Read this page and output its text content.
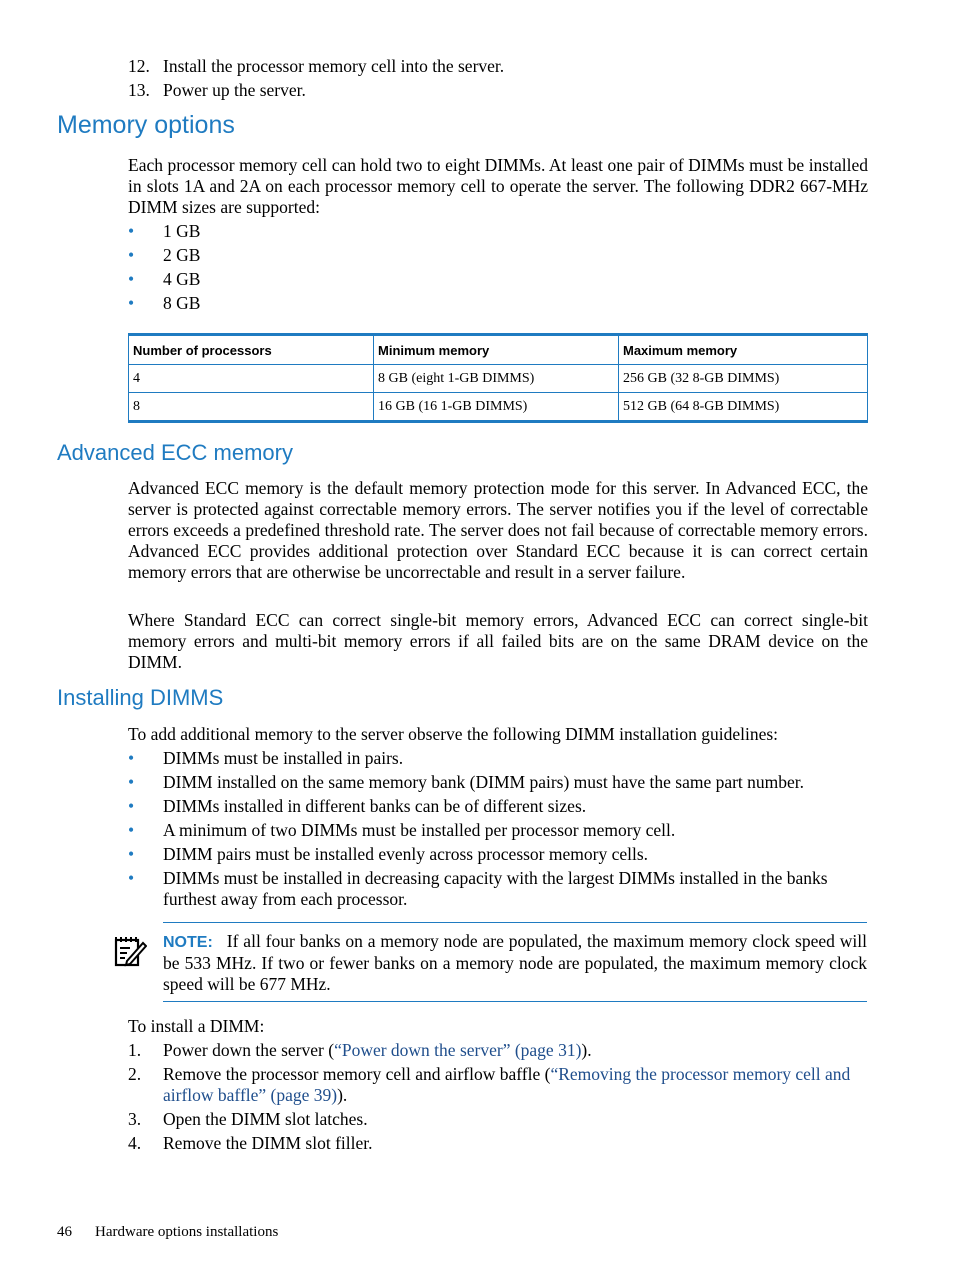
12. Install the processor memory cell into the server.
13. Power up the server.
Memory options
Each processor memory cell can hold two to eight DIMMs. At least one pair of DIMMs must be installed in slots 1A and 2A on each processor memory cell to operate the server. The following DDR2 667-MHz DIMM sizes are supported:
•	1 GB
•	2 GB
•	4 GB
•	8 GB
Number of processors	Minimum memory	Maximum memory
4	8 GB (eight 1-GB DIMMS)	256 GB (32 8-GB DIMMS)
8	16 GB (16 1-GB DIMMS)	512 GB (64 8-GB DIMMS)
Advanced ECC memory
Advanced ECC memory is the default memory protection mode for this server. In Advanced ECC, the server is protected against correctable memory errors. The server notifies you if the level of correctable errors exceeds a predefined threshold rate. The server does not fail because of correctable memory errors. Advanced ECC provides additional protection over Standard ECC because it is can correct certain memory errors that are otherwise be uncorrectable and result in a server failure.
Where Standard ECC can correct single-bit memory errors, Advanced ECC can correct single-bit memory errors and multi-bit memory errors if all failed bits are on the same DRAM device on the DIMM.
Installing DIMMS
To add additional memory to the server observe the following DIMM installation guidelines:
•	DIMMs must be installed in pairs.
•	DIMM installed on the same memory bank (DIMM pairs) must have the same part number.
•	DIMMs installed in different banks can be of different sizes.
•	A minimum of two DIMMs must be installed per processor memory cell.
•	DIMM pairs must be installed evenly across processor memory cells.
•	DIMMs must be installed in decreasing capacity with the largest DIMMs installed in the banks furthest away from each processor.
NOTE: If all four banks on a memory node are populated, the maximum memory clock speed will be 533 MHz. If two or fewer banks on a memory node are populated, the maximum memory clock speed will be 677 MHz.
To install a DIMM:
1.	Power down the server (“Power down the server” (page 31)).
2.	Remove the processor memory cell and airflow baffle (“Removing the processor memory cell and airflow baffle” (page 39)).
3.	Open the DIMM slot latches.
4.	Remove the DIMM slot filler.
46 Hardware options installations
